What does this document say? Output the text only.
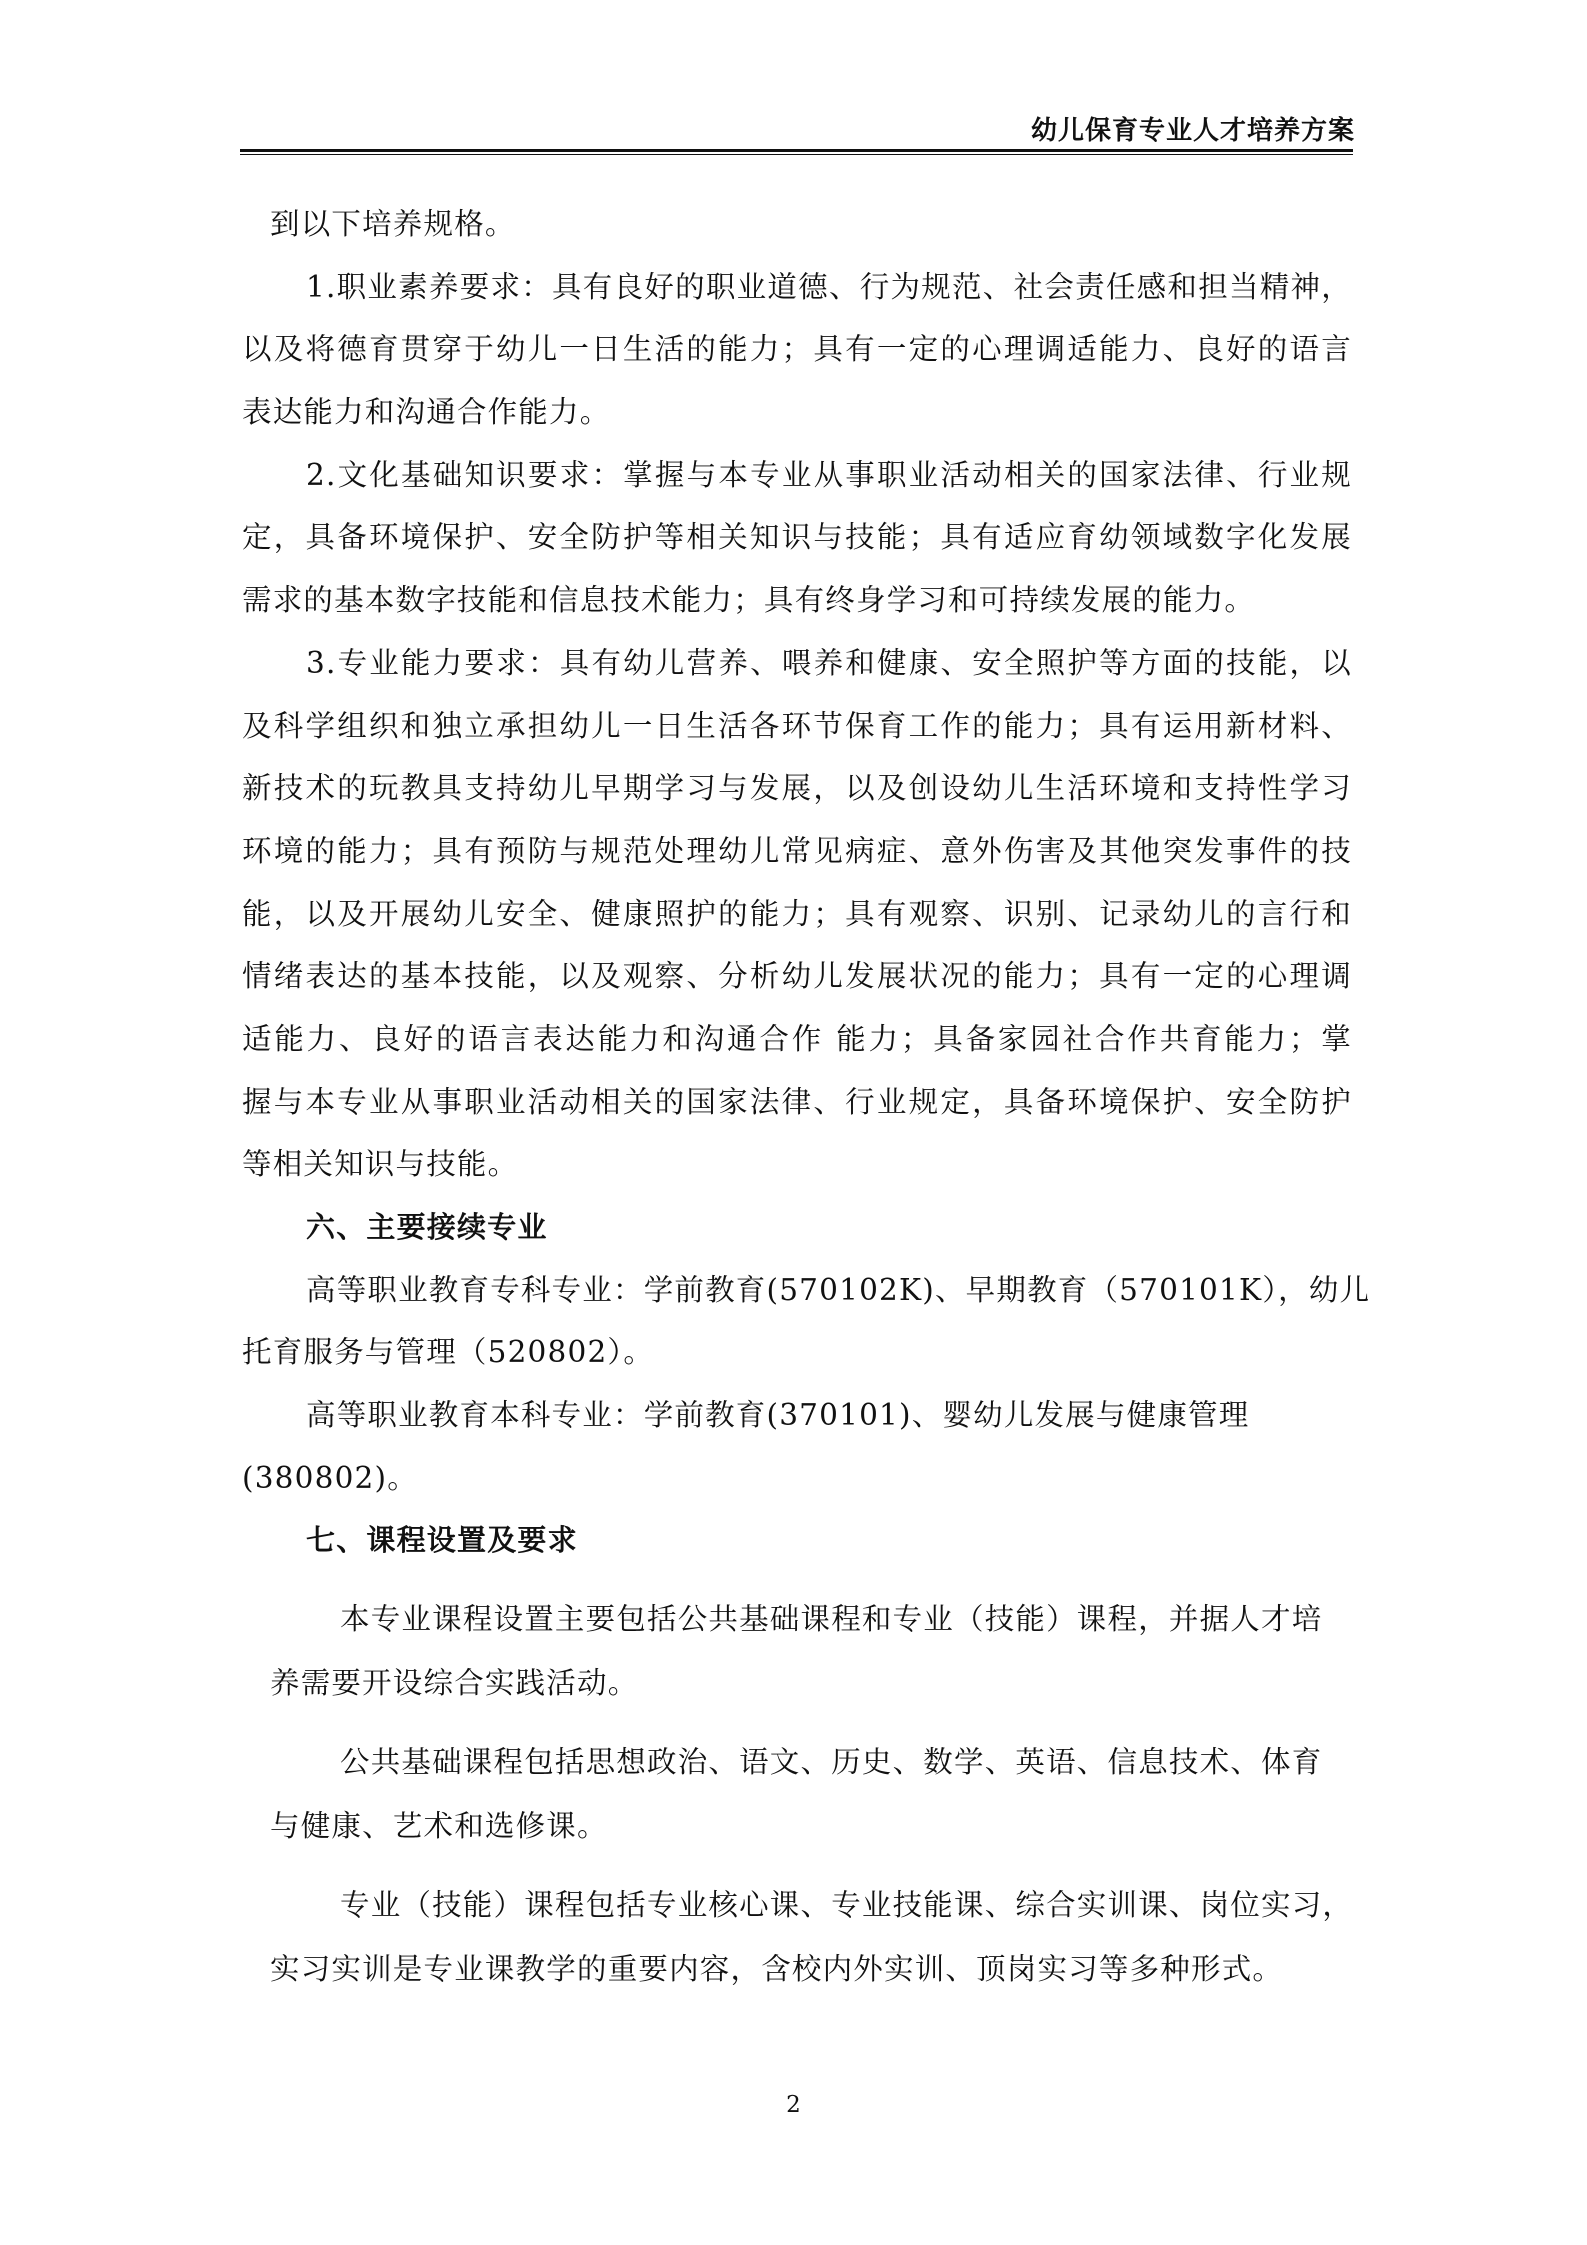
幼儿保育专业人才培养方案
到以下培养规格。
1.职业素养要求：具有良好的职业道德、行为规范、社会责任感和担当精神，
以及将德育贯穿于幼儿一日生活的能力；具有一定的心理调适能力、良好的语言
表达能力和沟通合作能力。
2.文化基础知识要求：掌握与本专业从事职业活动相关的国家法律、行业规
定，具备环境保护、安全防护等相关知识与技能；具有适应育幼领域数字化发展
需求的基本数字技能和信息技术能力；具有终身学习和可持续发展的能力。
3.专业能力要求：具有幼儿营养、喂养和健康、安全照护等方面的技能，以
及科学组织和独立承担幼儿一日生活各环节保育工作的能力；具有运用新材料、
新技术的玩教具支持幼儿早期学习与发展，以及创设幼儿生活环境和支持性学习
环境的能力；具有预防与规范处理幼儿常见病症、意外伤害及其他突发事件的技
能，以及开展幼儿安全、健康照护的能力；具有观察、识别、记录幼儿的言行和
情绪表达的基本技能，以及观察、分析幼儿发展状况的能力；具有一定的心理调
适能力、良好的语言表达能力和沟通合作 能力；具备家园社合作共育能力；掌
握与本专业从事职业活动相关的国家法律、行业规定，具备环境保护、安全防护
等相关知识与技能。
六、主要接续专业
高等职业教育专科专业：学前教育(570102K)、早期教育（570101K），幼儿
托育服务与管理（520802）。
高等职业教育本科专业：学前教育(370101)、婴幼儿发展与健康管理
(380802)。
七、课程设置及要求
本专业课程设置主要包括公共基础课程和专业（技能）课程，并据人才培
养需要开设综合实践活动。
公共基础课程包括思想政治、语文、历史、数学、英语、信息技术、体育
与健康、艺术和选修课。
专业（技能）课程包括专业核心课、专业技能课、综合实训课、岗位实习，
实习实训是专业课教学的重要内容，含校内外实训、顶岗实习等多种形式。
2
